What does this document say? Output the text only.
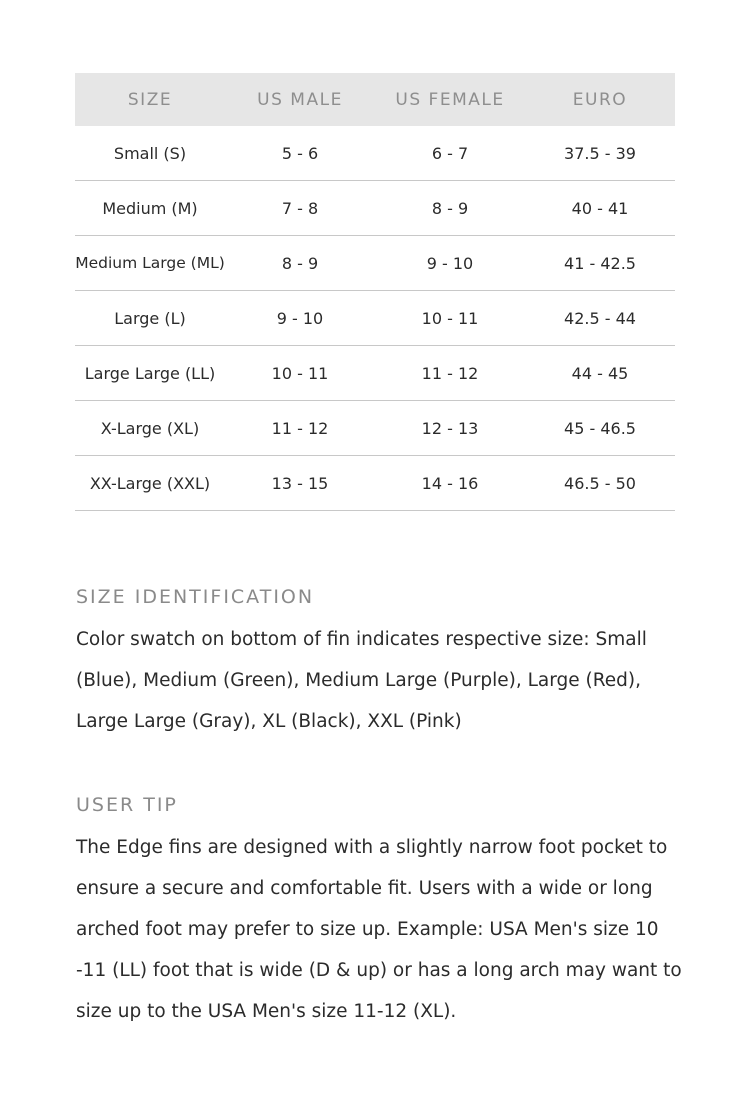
SIZE	US MALE	US FEMALE	EURO
Small (S)	5 - 6	6 - 7	37.5 - 39
Medium (M)	7 - 8	8 - 9	40 - 41
Medium Large (ML)	8 - 9	9 - 10	41 - 42.5
Large (L)	9 - 10	10 - 11	42.5 - 44
Large Large (LL)	10 - 11	11 - 12	44 - 45
X-Large (XL)	11 - 12	12 - 13	45 - 46.5
XX-Large (XXL)	13 - 15	14 - 16	46.5 - 50
SIZE IDENTIFICATION

Color swatch on bottom of fin indicates respective size: Small (Blue), Medium (Green), Medium Large (Purple), Large (Red), Large Large (Gray), XL (Black), XXL (Pink)

USER TIP

The Edge fins are designed with a slightly narrow foot pocket to ensure a secure and comfortable fit. Users with a wide or long arched foot may prefer to size up. Example: USA Men's size 10 -11 (LL) foot that is wide (D & up) or has a long arch may want to size up to the USA Men's size 11-12 (XL).
